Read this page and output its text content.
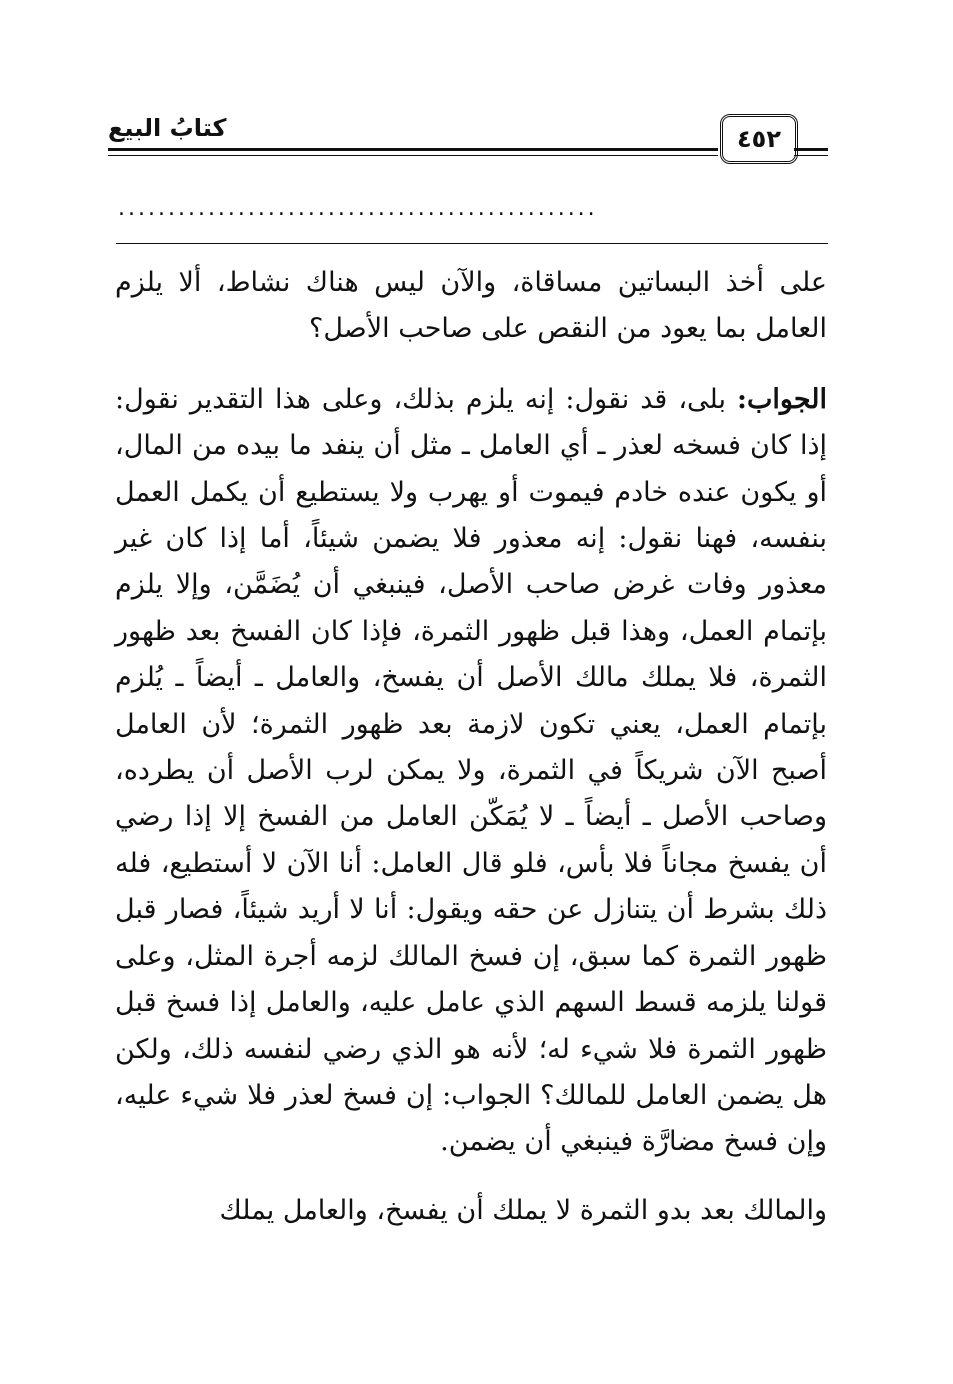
كتابُ البيع	٤٥٢
................................................

على أخذ البساتين مساقاة، والآن ليس هناك نشاط، ألا يلزم العامل بما يعود من النقص على صاحب الأصل؟

الجواب: بلى، قد نقول: إنه يلزم بذلك، وعلى هذا التقدير نقول: إذا كان فسخه لعذر ـ أي العامل ـ مثل أن ينفد ما بيده من المال، أو يكون عنده خادم فيموت أو يهرب ولا يستطيع أن يكمل العمل بنفسه، فهنا نقول: إنه معذور فلا يضمن شيئاً، أما إذا كان غير معذور وفات غرض صاحب الأصل، فينبغي أن يُضَمَّن، وإلا يلزم بإتمام العمل، وهذا قبل ظهور الثمرة، فإذا كان الفسخ بعد ظهور الثمرة، فلا يملك مالك الأصل أن يفسخ، والعامل ـ أيضاً ـ يُلزم بإتمام العمل، يعني تكون لازمة بعد ظهور الثمرة؛ لأن العامل أصبح الآن شريكاً في الثمرة، ولا يمكن لرب الأصل أن يطرده، وصاحب الأصل ـ أيضاً ـ لا يُمَكّن العامل من الفسخ إلا إذا رضي أن يفسخ مجاناً فلا بأس، فلو قال العامل: أنا الآن لا أستطيع، فله ذلك بشرط أن يتنازل عن حقه ويقول: أنا لا أريد شيئاً، فصار قبل ظهور الثمرة كما سبق، إن فسخ المالك لزمه أجرة المثل، وعلى قولنا يلزمه قسط السهم الذي عامل عليه، والعامل إذا فسخ قبل ظهور الثمرة فلا شيء له؛ لأنه هو الذي رضي لنفسه ذلك، ولكن هل يضمن العامل للمالك؟ الجواب: إن فسخ لعذر فلا شيء عليه، وإن فسخ مضارَّة فينبغي أن يضمن.

والمالك بعد بدو الثمرة لا يملك أن يفسخ، والعامل يملك
